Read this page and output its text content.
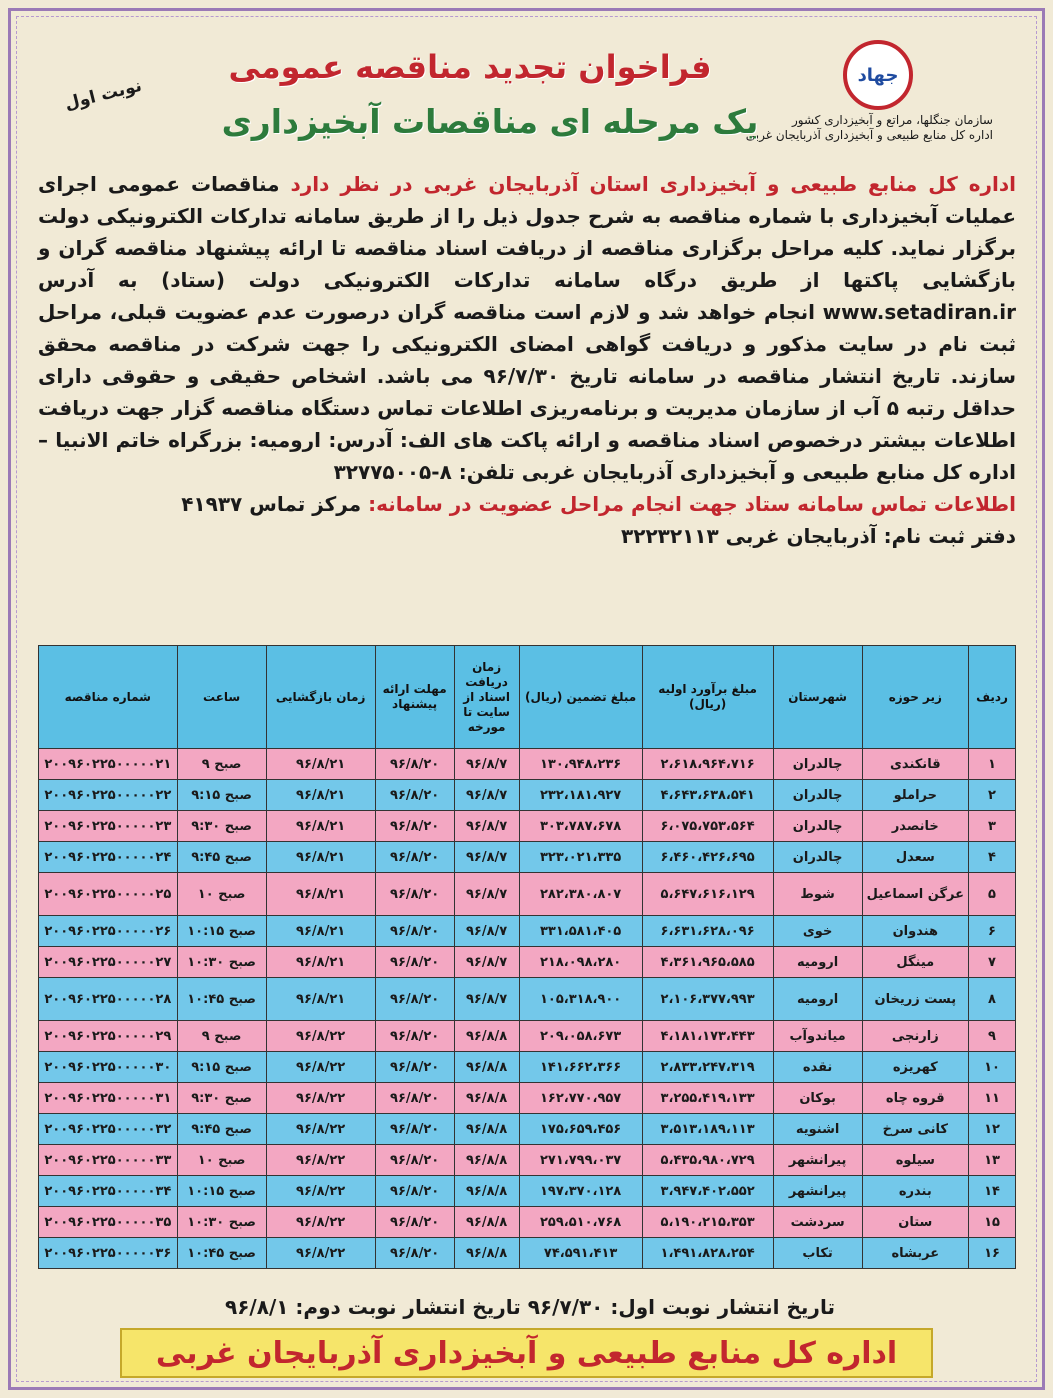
جهاد
سازمان جنگلها، مراتع و آبخیزداری کشور
اداره کل منابع طبیعی و آبخیزداری آذربایجان غربی
نوبت اول
فراخوان تجدید مناقصه عمومی
یک مرحله ای مناقصات آبخیزداری
اداره کل منابع طبیعی و آبخیزداری استان آذربایجان غربی در نظر دارد مناقصات عمومی اجرای عملیات آبخیزداری با شماره مناقصه به شرح جدول ذیل را از طریق سامانه تدارکات الکترونیکی دولت برگزار نماید. کلیه مراحل برگزاری مناقصه از دریافت اسناد مناقصه تا ارائه پیشنهاد مناقصه گران و بازگشایی پاکتها از طریق درگاه سامانه تدارکات الکترونیکی دولت (ستاد) به آدرس www.setadiran.ir انجام خواهد شد و لازم است مناقصه گران درصورت عدم عضویت قبلی، مراحل ثبت نام در سایت مذکور و دریافت گواهی امضای الکترونیکی را جهت شرکت در مناقصه محقق سازند. تاریخ انتشار مناقصه در سامانه تاریخ ۹۶/۷/۳۰ می باشد. اشخاص حقیقی و حقوقی دارای حداقل رتبه ۵ آب از سازمان مدیریت و برنامه‌ریزی اطلاعات تماس دستگاه مناقصه گزار جهت دریافت اطلاعات بیشتر درخصوص اسناد مناقصه و ارائه پاکت های الف: آدرس: ارومیه: بزرگراه خاتم الانبیا – اداره کل منابع طبیعی و آبخیزداری آذربایجان غربی تلفن: ۸-۳۲۷۷۵۰۰۵
اطلاعات تماس سامانه ستاد جهت انجام مراحل عضویت در سامانه: مرکز تماس ۴۱۹۳۷
دفتر ثبت نام: آذربایجان غربی ۳۲۲۳۲۱۱۳
ردیف	زیر حوزه	شهرستان	مبلغ برآورد اولیه (ریال)	مبلغ تضمین (ریال)	زمان دریافت اسناد از سایت تا مورخه	مهلت ارائه پیشنهاد	زمان بازگشایی	ساعت	شماره مناقصه
۱	قانکندی	چالدران	۲،۶۱۸،۹۶۴،۷۱۶	۱۳۰،۹۴۸،۲۳۶	۹۶/۸/۷	۹۶/۸/۲۰	۹۶/۸/۲۱	صبح ۹	۲۰۰۹۶۰۲۲۵۰۰۰۰۰۲۱
۲	حراملو	چالدران	۴،۶۴۳،۶۳۸،۵۴۱	۲۳۲،۱۸۱،۹۲۷	۹۶/۸/۷	۹۶/۸/۲۰	۹۶/۸/۲۱	صبح ۹:۱۵	۲۰۰۹۶۰۲۲۵۰۰۰۰۰۲۲
۳	خانصدر	چالدران	۶،۰۷۵،۷۵۳،۵۶۴	۳۰۳،۷۸۷،۶۷۸	۹۶/۸/۷	۹۶/۸/۲۰	۹۶/۸/۲۱	صبح ۹:۳۰	۲۰۰۹۶۰۲۲۵۰۰۰۰۰۲۳
۴	سعدل	چالدران	۶،۴۶۰،۴۲۶،۶۹۵	۳۲۳،۰۲۱،۳۳۵	۹۶/۸/۷	۹۶/۸/۲۰	۹۶/۸/۲۱	صبح ۹:۴۵	۲۰۰۹۶۰۲۲۵۰۰۰۰۰۲۴
۵	عرگن اسماعیل	شوط	۵،۶۴۷،۶۱۶،۱۲۹	۲۸۲،۳۸۰،۸۰۷	۹۶/۸/۷	۹۶/۸/۲۰	۹۶/۸/۲۱	صبح ۱۰	۲۰۰۹۶۰۲۲۵۰۰۰۰۰۲۵
۶	هندوان	خوی	۶،۶۳۱،۶۲۸،۰۹۶	۳۳۱،۵۸۱،۴۰۵	۹۶/۸/۷	۹۶/۸/۲۰	۹۶/۸/۲۱	صبح ۱۰:۱۵	۲۰۰۹۶۰۲۲۵۰۰۰۰۰۲۶
۷	مینگل	ارومیه	۴،۳۶۱،۹۶۵،۵۸۵	۲۱۸،۰۹۸،۲۸۰	۹۶/۸/۷	۹۶/۸/۲۰	۹۶/۸/۲۱	صبح ۱۰:۳۰	۲۰۰۹۶۰۲۲۵۰۰۰۰۰۲۷
۸	پست زریخان	ارومیه	۲،۱۰۶،۳۷۷،۹۹۳	۱۰۵،۳۱۸،۹۰۰	۹۶/۸/۷	۹۶/۸/۲۰	۹۶/۸/۲۱	صبح ۱۰:۴۵	۲۰۰۹۶۰۲۲۵۰۰۰۰۰۲۸
۹	زارنجی	میاندوآب	۴،۱۸۱،۱۷۳،۴۴۳	۲۰۹،۰۵۸،۶۷۳	۹۶/۸/۸	۹۶/۸/۲۰	۹۶/۸/۲۲	صبح ۹	۲۰۰۹۶۰۲۲۵۰۰۰۰۰۲۹
۱۰	کهریزه	نقده	۲،۸۳۳،۲۴۷،۳۱۹	۱۴۱،۶۶۲،۳۶۶	۹۶/۸/۸	۹۶/۸/۲۰	۹۶/۸/۲۲	صبح ۹:۱۵	۲۰۰۹۶۰۲۲۵۰۰۰۰۰۳۰
۱۱	قروه چاه	بوکان	۳،۲۵۵،۴۱۹،۱۳۳	۱۶۲،۷۷۰،۹۵۷	۹۶/۸/۸	۹۶/۸/۲۰	۹۶/۸/۲۲	صبح ۹:۳۰	۲۰۰۹۶۰۲۲۵۰۰۰۰۰۳۱
۱۲	کانی سرخ	اشنویه	۳،۵۱۳،۱۸۹،۱۱۳	۱۷۵،۶۵۹،۴۵۶	۹۶/۸/۸	۹۶/۸/۲۰	۹۶/۸/۲۲	صبح ۹:۴۵	۲۰۰۹۶۰۲۲۵۰۰۰۰۰۳۲
۱۳	سیلوه	پیرانشهر	۵،۴۳۵،۹۸۰،۷۲۹	۲۷۱،۷۹۹،۰۳۷	۹۶/۸/۸	۹۶/۸/۲۰	۹۶/۸/۲۲	صبح ۱۰	۲۰۰۹۶۰۲۲۵۰۰۰۰۰۳۳
۱۴	بندره	پیرانشهر	۳،۹۴۷،۴۰۲،۵۵۲	۱۹۷،۳۷۰،۱۲۸	۹۶/۸/۸	۹۶/۸/۲۰	۹۶/۸/۲۲	صبح ۱۰:۱۵	۲۰۰۹۶۰۲۲۵۰۰۰۰۰۳۴
۱۵	ستان	سردشت	۵،۱۹۰،۲۱۵،۳۵۳	۲۵۹،۵۱۰،۷۶۸	۹۶/۸/۸	۹۶/۸/۲۰	۹۶/۸/۲۲	صبح ۱۰:۳۰	۲۰۰۹۶۰۲۲۵۰۰۰۰۰۳۵
۱۶	عربشاه	تکاب	۱،۴۹۱،۸۲۸،۲۵۴	۷۴،۵۹۱،۴۱۳	۹۶/۸/۸	۹۶/۸/۲۰	۹۶/۸/۲۲	صبح ۱۰:۴۵	۲۰۰۹۶۰۲۲۵۰۰۰۰۰۳۶
تاریخ انتشار نوبت اول: ۹۶/۷/۳۰ تاریخ انتشار نوبت دوم: ۹۶/۸/۱
اداره کل منابع طبیعی و آبخیزداری آذربایجان غربی
